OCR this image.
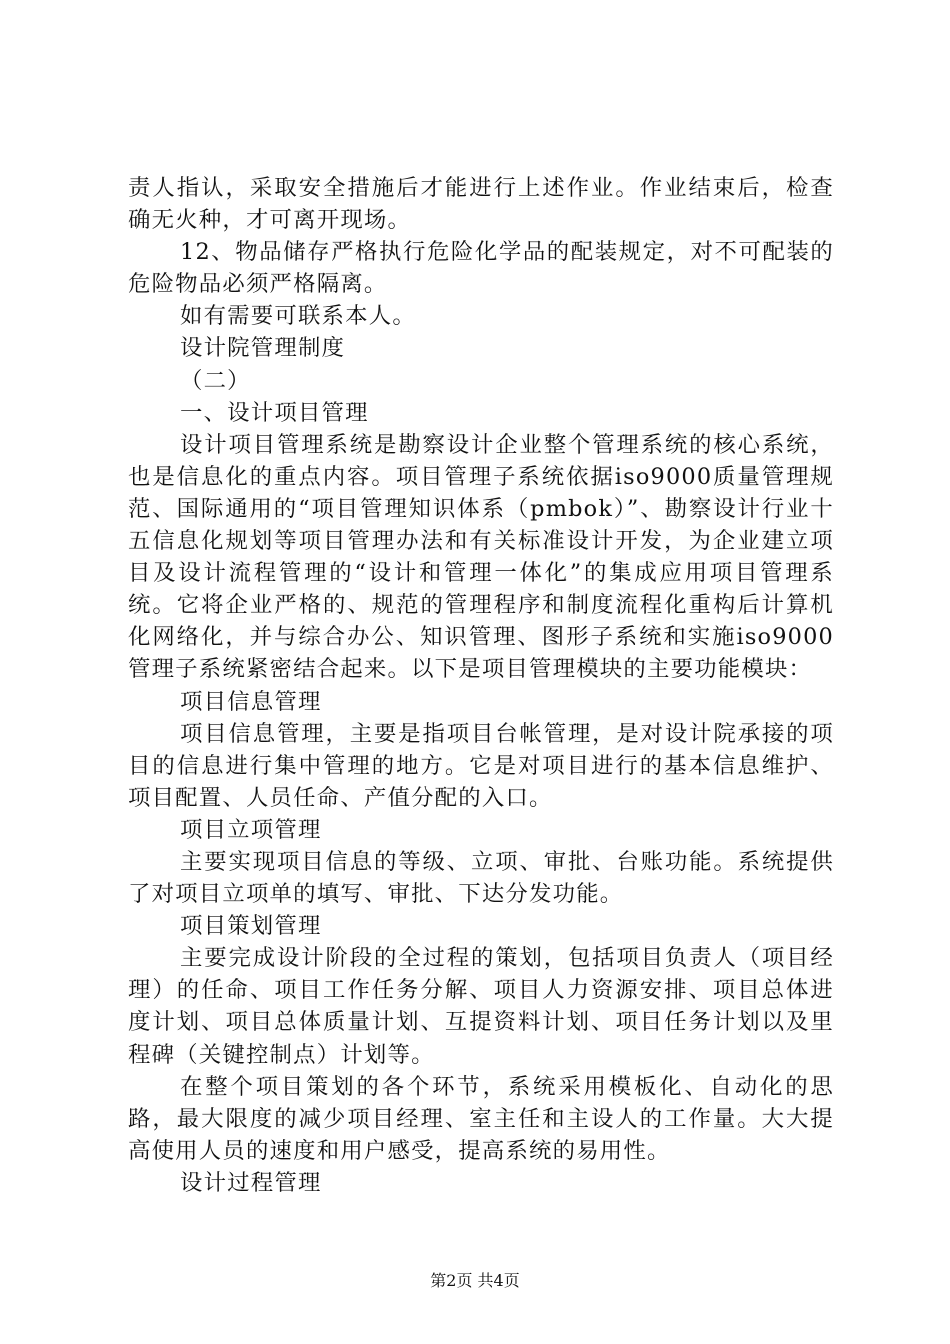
责人指认，采取安全措施后才能进行上述作业。作业结束后，检查确无火种，才可离开现场。

12、物品储存严格执行危险化学品的配装规定，对不可配装的危险物品必须严格隔离。

如有需要可联系本人。

设计院管理制度

（二）

一、设计项目管理

设计项目管理系统是勘察设计企业整个管理系统的核心系统，也是信息化的重点内容。项目管理子系统依据iso9000质量管理规范、国际通用的“项目管理知识体系（pmbok）”、勘察设计行业十五信息化规划等项目管理办法和有关标准设计开发，为企业建立项目及设计流程管理的“设计和管理一体化”的集成应用项目管理系统。它将企业严格的、规范的管理程序和制度流程化重构后计算机化网络化，并与综合办公、知识管理、图形子系统和实施iso9000管理子系统紧密结合起来。以下是项目管理模块的主要功能模块：

项目信息管理

项目信息管理，主要是指项目台帐管理，是对设计院承接的项目的信息进行集中管理的地方。它是对项目进行的基本信息维护、项目配置、人员任命、产值分配的入口。

项目立项管理

主要实现项目信息的等级、立项、审批、台账功能。系统提供了对项目立项单的填写、审批、下达分发功能。

项目策划管理

主要完成设计阶段的全过程的策划，包括项目负责人（项目经理）的任命、项目工作任务分解、项目人力资源安排、项目总体进度计划、项目总体质量计划、互提资料计划、项目任务计划以及里程碑（关键控制点）计划等。

在整个项目策划的各个环节，系统采用模板化、自动化的思路，最大限度的减少项目经理、室主任和主设人的工作量。大大提高使用人员的速度和用户感受，提高系统的易用性。

设计过程管理

第2页 共4页
